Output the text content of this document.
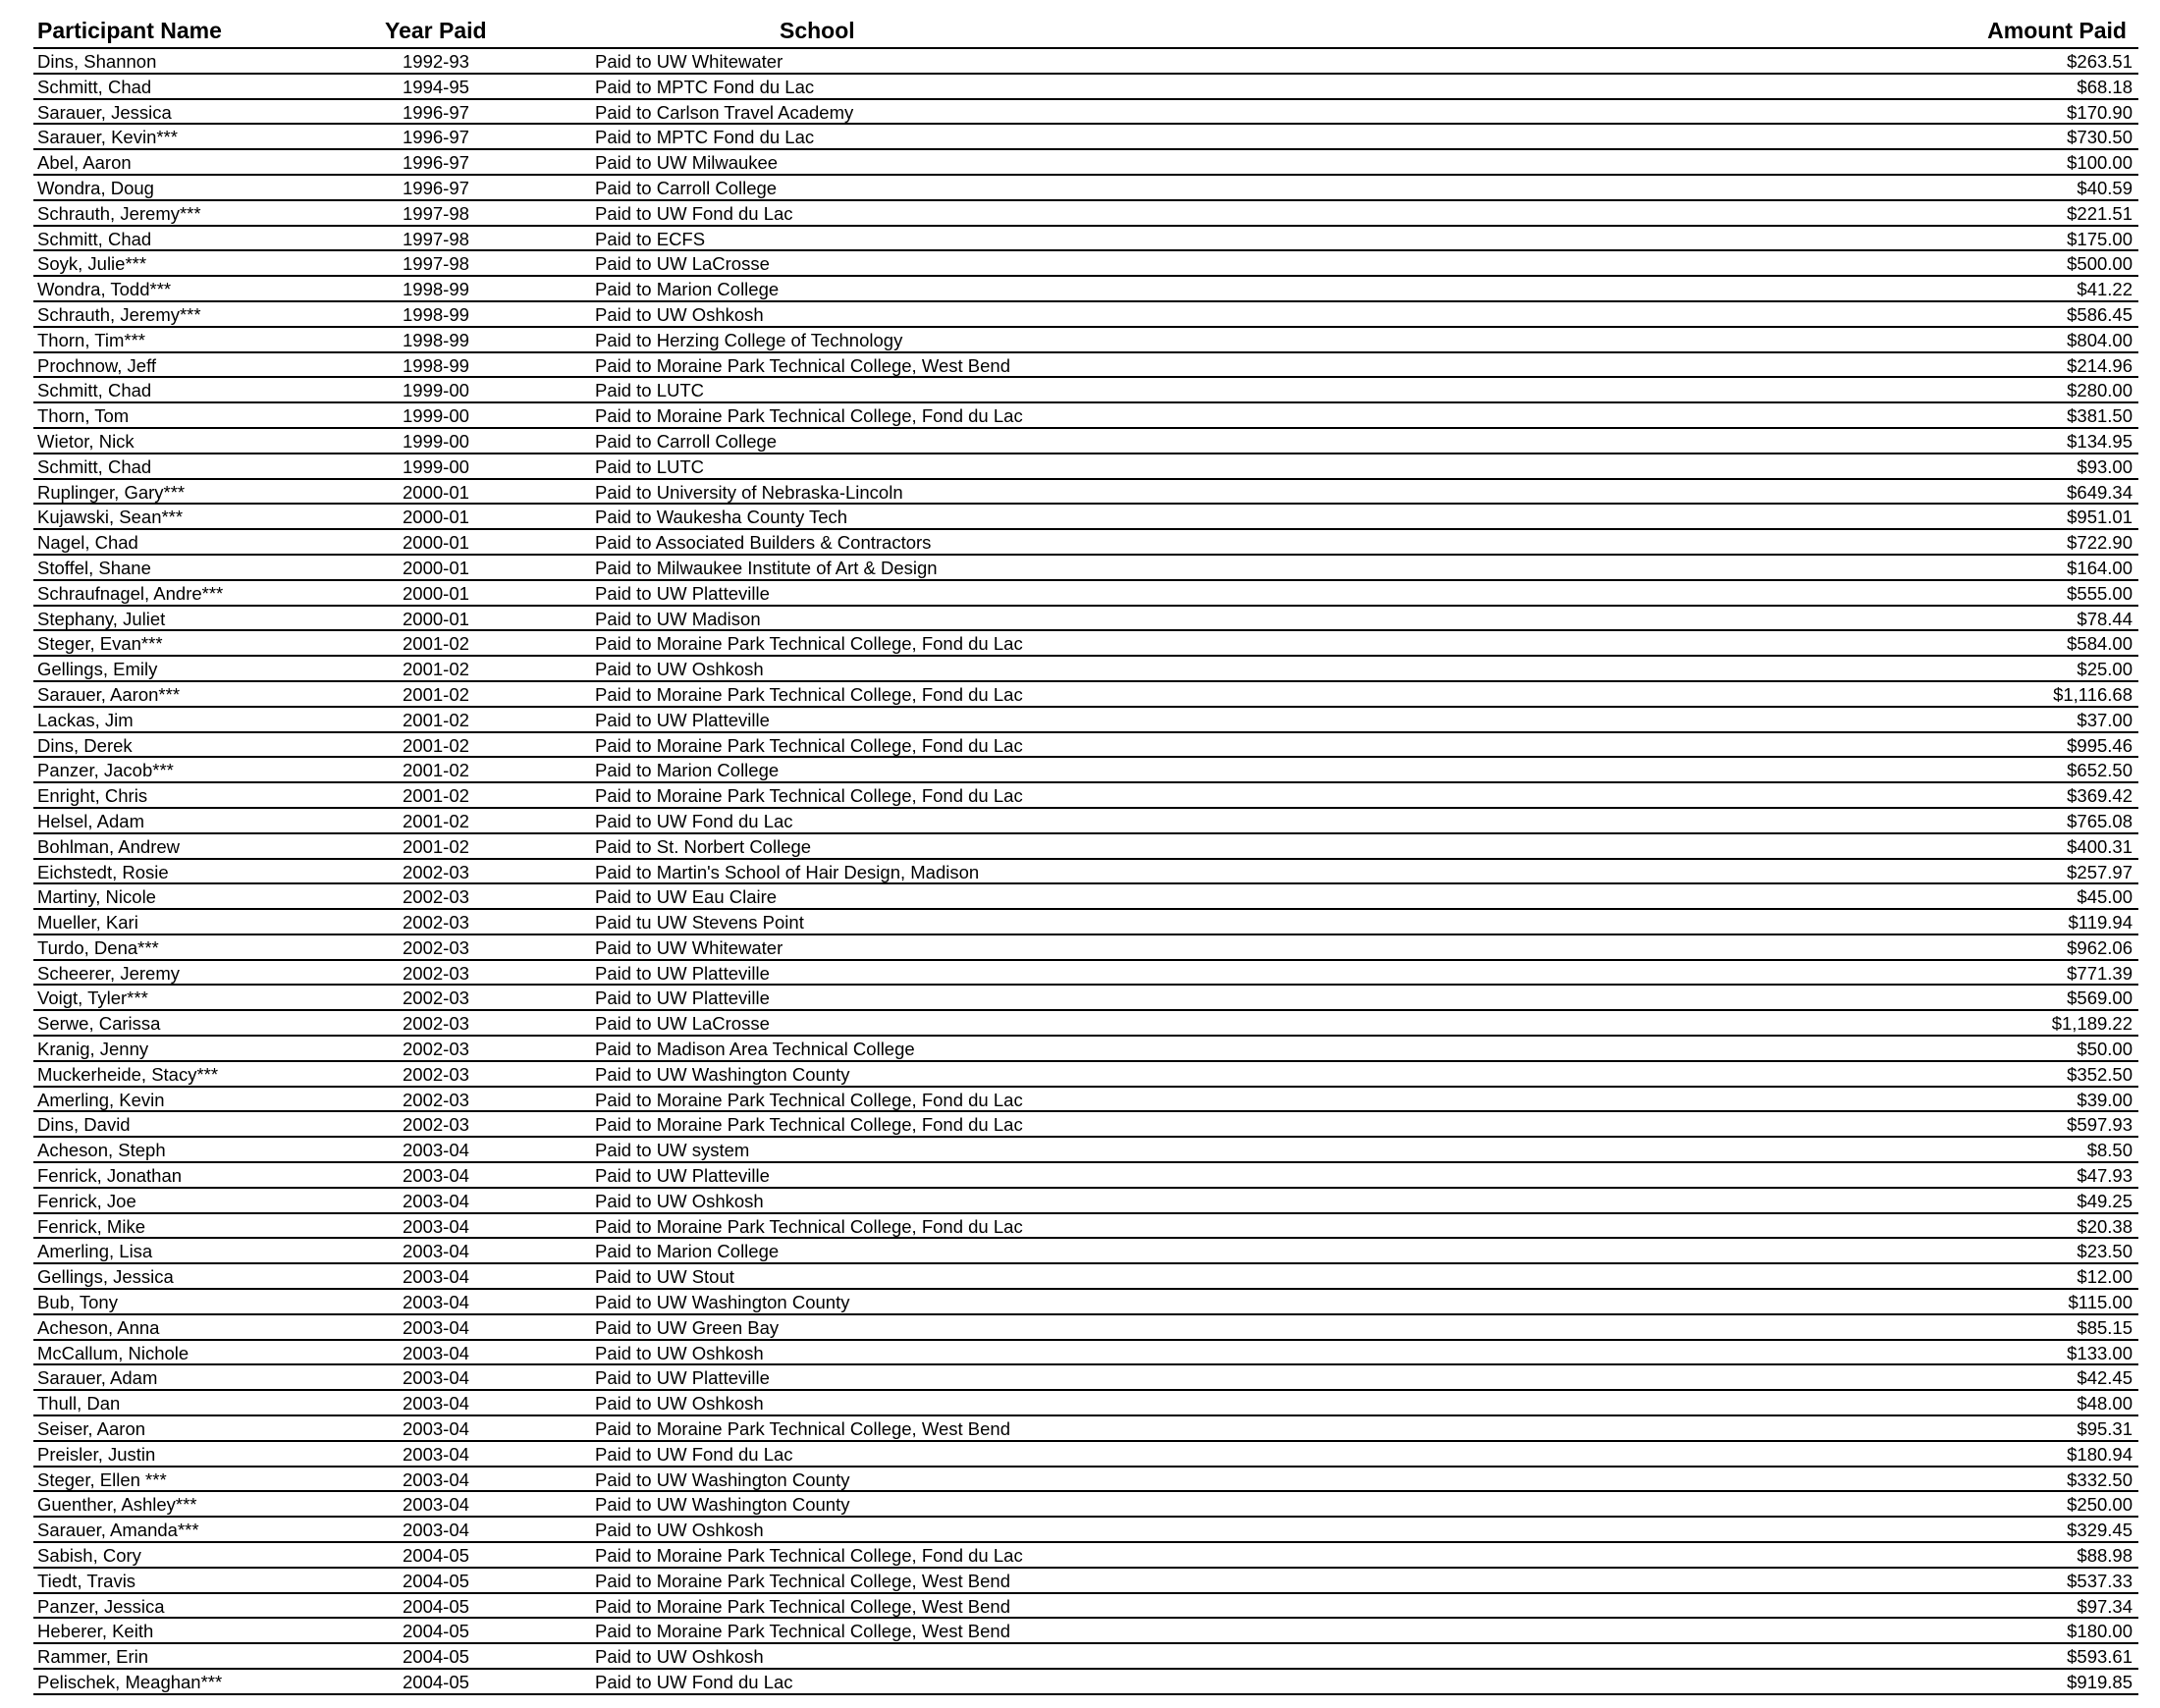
Participant Name	Year Paid	School	Amount Paid
Dins, Shannon	1992-93	Paid to UW Whitewater	$263.51
Schmitt, Chad	1994-95	Paid to MPTC Fond du Lac	$68.18
Sarauer, Jessica	1996-97	Paid to Carlson Travel Academy	$170.90
Sarauer, Kevin***	1996-97	Paid to MPTC Fond du Lac	$730.50
Abel, Aaron	1996-97	Paid to UW Milwaukee	$100.00
Wondra, Doug	1996-97	Paid to Carroll College	$40.59
Schrauth, Jeremy***	1997-98	Paid to UW Fond du Lac	$221.51
Schmitt, Chad	1997-98	Paid to ECFS	$175.00
Soyk, Julie***	1997-98	Paid to UW LaCrosse	$500.00
Wondra, Todd***	1998-99	Paid to Marion College	$41.22
Schrauth, Jeremy***	1998-99	Paid to UW Oshkosh	$586.45
Thorn, Tim***	1998-99	Paid to Herzing College of Technology	$804.00
Prochnow, Jeff	1998-99	Paid to Moraine Park Technical College, West Bend	$214.96
Schmitt, Chad	1999-00	Paid to LUTC	$280.00
Thorn, Tom	1999-00	Paid to Moraine Park Technical College, Fond du Lac	$381.50
Wietor, Nick	1999-00	Paid to Carroll College	$134.95
Schmitt, Chad	1999-00	Paid to LUTC	$93.00
Ruplinger, Gary***	2000-01	Paid to University of Nebraska-Lincoln	$649.34
Kujawski, Sean***	2000-01	Paid to Waukesha County Tech	$951.01
Nagel, Chad	2000-01	Paid to Associated Builders & Contractors	$722.90
Stoffel, Shane	2000-01	Paid to Milwaukee Institute of Art & Design	$164.00
Schraufnagel, Andre***	2000-01	Paid to UW Platteville	$555.00
Stephany, Juliet	2000-01	Paid to UW Madison	$78.44
Steger, Evan***	2001-02	Paid to Moraine Park Technical College, Fond du Lac	$584.00
Gellings, Emily	2001-02	Paid to UW Oshkosh	$25.00
Sarauer, Aaron***	2001-02	Paid to Moraine Park Technical College, Fond du Lac	$1,116.68
Lackas, Jim	2001-02	Paid to UW Platteville	$37.00
Dins, Derek	2001-02	Paid to Moraine Park Technical College, Fond du Lac	$995.46
Panzer, Jacob***	2001-02	Paid to Marion College	$652.50
Enright, Chris	2001-02	Paid to Moraine Park Technical College, Fond du Lac	$369.42
Helsel, Adam	2001-02	Paid to UW Fond du Lac	$765.08
Bohlman, Andrew	2001-02	Paid to St. Norbert College	$400.31
Eichstedt, Rosie	2002-03	Paid to Martin's School of Hair Design, Madison	$257.97
Martiny, Nicole	2002-03	Paid to UW Eau Claire	$45.00
Mueller, Kari	2002-03	Paid tu UW Stevens Point	$119.94
Turdo, Dena***	2002-03	Paid to UW Whitewater	$962.06
Scheerer, Jeremy	2002-03	Paid to UW Platteville	$771.39
Voigt, Tyler***	2002-03	Paid to UW Platteville	$569.00
Serwe, Carissa	2002-03	Paid to UW LaCrosse	$1,189.22
Kranig, Jenny	2002-03	Paid to Madison Area Technical College	$50.00
Muckerheide, Stacy***	2002-03	Paid to UW Washington County	$352.50
Amerling, Kevin	2002-03	Paid to Moraine Park Technical College, Fond du Lac	$39.00
Dins, David	2002-03	Paid to Moraine Park Technical College, Fond du Lac	$597.93
Acheson, Steph	2003-04	Paid to UW system	$8.50
Fenrick, Jonathan	2003-04	Paid to UW Platteville	$47.93
Fenrick, Joe	2003-04	Paid to UW Oshkosh	$49.25
Fenrick, Mike	2003-04	Paid to Moraine Park Technical College, Fond du Lac	$20.38
Amerling, Lisa	2003-04	Paid to Marion College	$23.50
Gellings, Jessica	2003-04	Paid to UW Stout	$12.00
Bub, Tony	2003-04	Paid to UW Washington County	$115.00
Acheson, Anna	2003-04	Paid to UW Green Bay	$85.15
McCallum, Nichole	2003-04	Paid to UW Oshkosh	$133.00
Sarauer, Adam	2003-04	Paid to UW Platteville	$42.45
Thull, Dan	2003-04	Paid to UW Oshkosh	$48.00
Seiser, Aaron	2003-04	Paid to Moraine Park Technical College, West Bend	$95.31
Preisler, Justin	2003-04	Paid to UW Fond du Lac	$180.94
Steger, Ellen ***	2003-04	Paid to UW Washington County	$332.50
Guenther, Ashley***	2003-04	Paid to UW Washington County	$250.00
Sarauer, Amanda***	2003-04	Paid to UW Oshkosh	$329.45
Sabish, Cory	2004-05	Paid to Moraine Park Technical College, Fond du Lac	$88.98
Tiedt, Travis	2004-05	Paid to Moraine Park Technical College, West Bend	$537.33
Panzer, Jessica	2004-05	Paid to Moraine Park Technical College, West Bend	$97.34
Heberer, Keith	2004-05	Paid to Moraine Park Technical College, West Bend	$180.00
Rammer, Erin	2004-05	Paid to UW Oshkosh	$593.61
Pelischek, Meaghan***	2004-05	Paid to UW Fond du Lac	$919.85
